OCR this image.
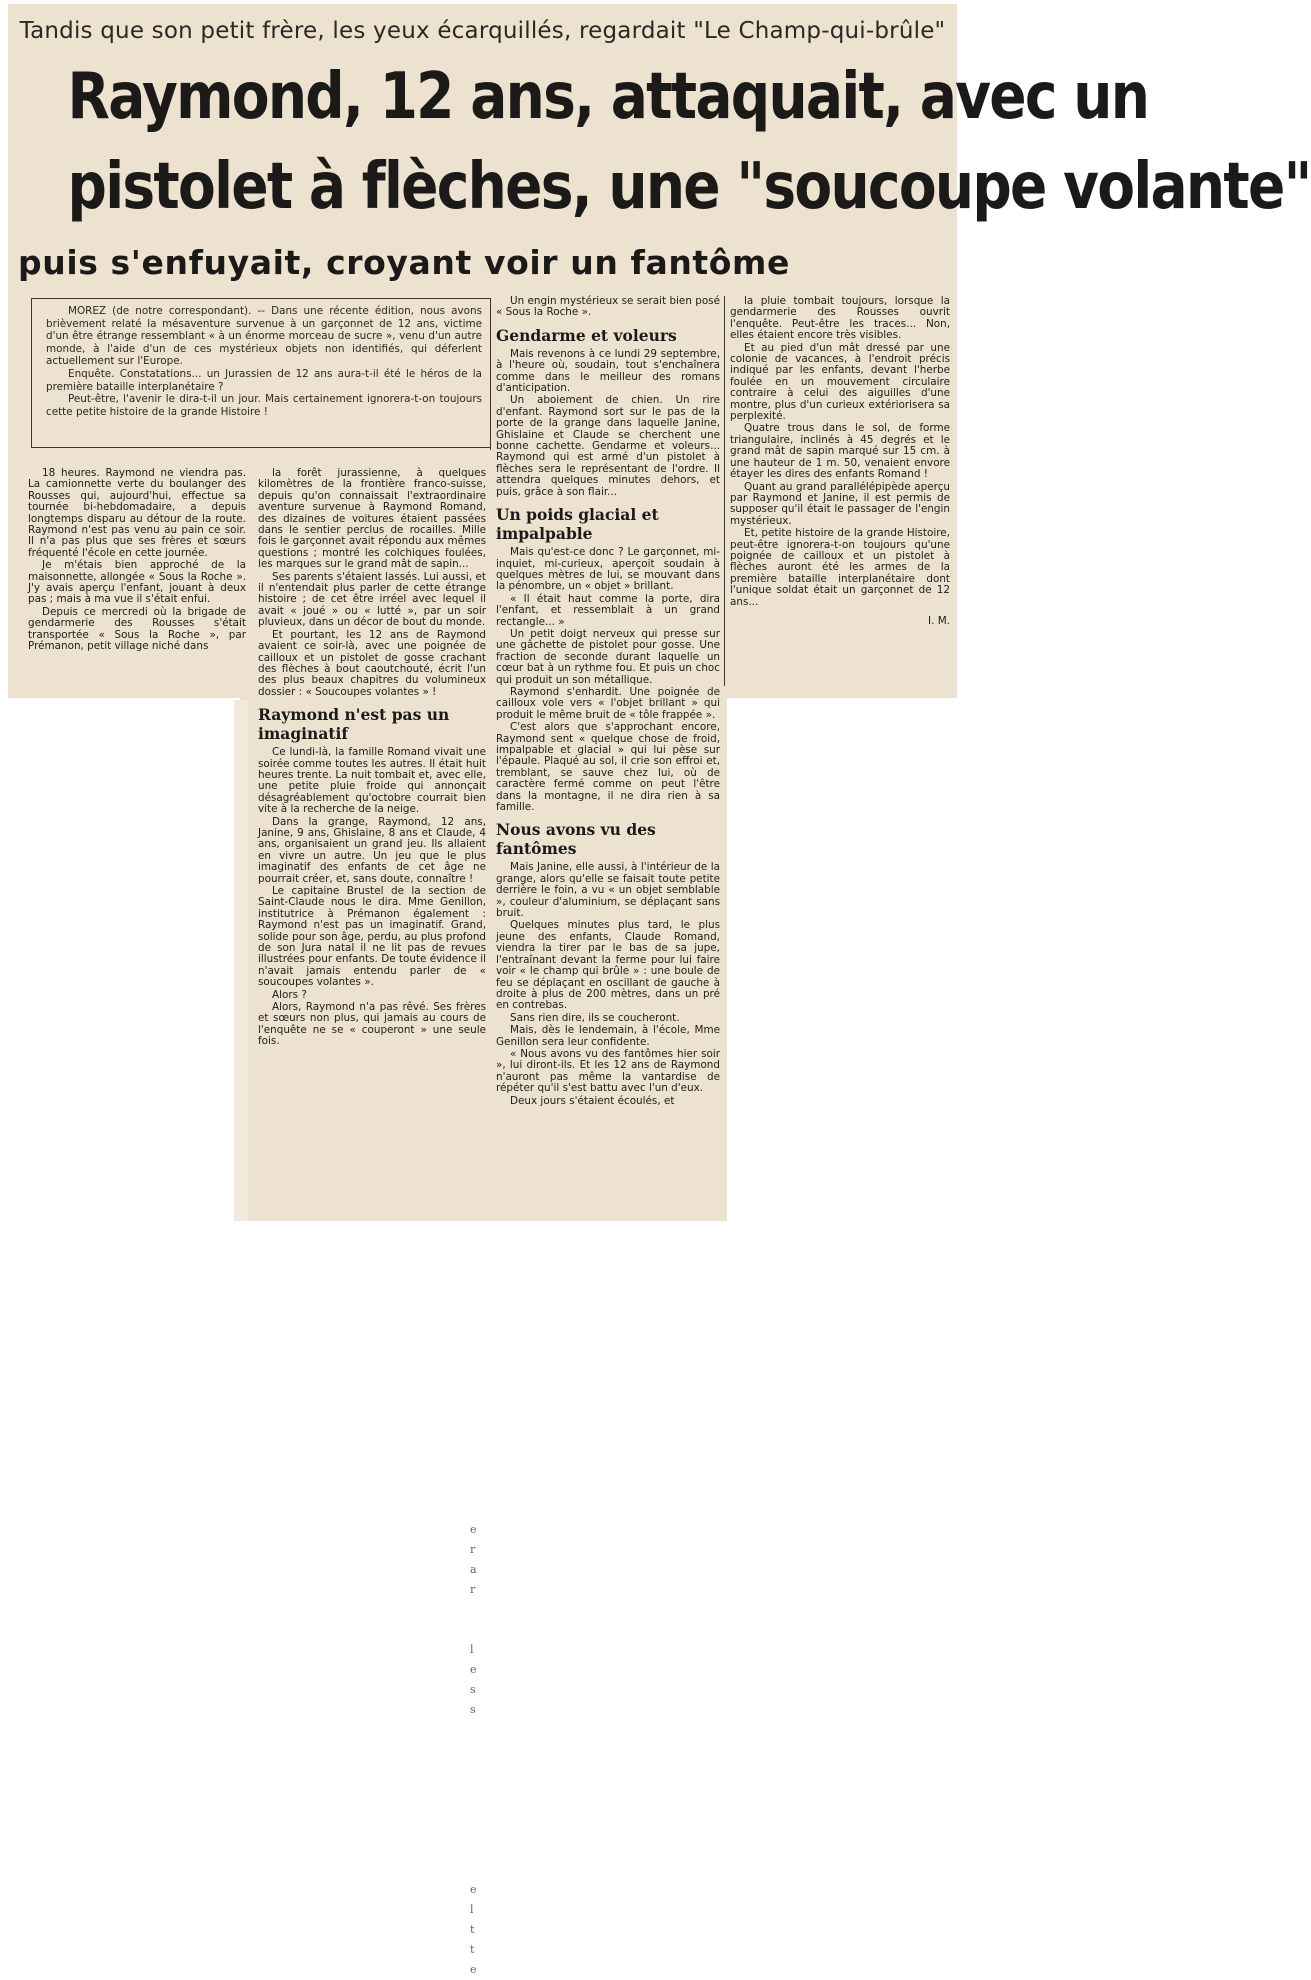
e
r
a
r

l
e
s
s

e
l
t
t
e
Tandis que son petit frère, les yeux écarquillés, regardait "Le Champ-qui-brûle"
Raymond, 12 ans, attaquait, avec un
pistolet à flèches, une "soucoupe volante"
puis s'enfuyait, croyant voir un fantôme

MOREZ (de notre correspondant). -- Dans une récente édition, nous avons brièvement relaté la mésaventure survenue à un garçonnet de 12 ans, victime d'un être étrange ressemblant « à un énorme morceau de sucre », venu d'un autre monde, à l'aide d'un de ces mystérieux objets non identifiés, qui déferlent actuellement sur l'Europe.

Enquête. Constatations... un Jurassien de 12 ans aura-t-il été le héros de la première bataille interplanétaire ?

Peut-être, l'avenir le dira-t-il un jour. Mais certainement ignorera-t-on toujours cette petite histoire de la grande Histoire !

18 heures. Raymond ne viendra pas. La camionnette verte du boulanger des Rousses qui, aujourd'hui, effectue sa tournée bi-hebdomadaire, a depuis longtemps disparu au détour de la route. Raymond n'est pas venu au pain ce soir. Il n'a pas plus que ses frères et sœurs fréquenté l'école en cette journée.

Je m'étais bien approché de la maisonnette, allongée « Sous la Roche ». J'y avais aperçu l'enfant, jouant à deux pas ; mais à ma vue il s'était enfui.

Depuis ce mercredi où la brigade de gendarmerie des Rousses s'était transportée « Sous la Roche », par Prémanon, petit village niché dans

la forêt jurassienne, à quelques kilomètres de la frontière franco-suisse, depuis qu'on connaissait l'extraordinaire aventure survenue à Raymond Romand, des dizaines de voitures étaient passées dans le sentier perclus de rocailles. Mille fois le garçonnet avait répondu aux mêmes questions ; montré les colchiques foulées, les marques sur le grand mât de sapin...

Ses parents s'étaient lassés. Lui aussi, et il n'entendait plus parler de cette étrange histoire ; de cet être irréel avec lequel il avait « joué » ou « lutté », par un soir pluvieux, dans un décor de bout du monde.

Et pourtant, les 12 ans de Raymond avaient ce soir-là, avec une poignée de cailloux et un pistolet de gosse crachant des flèches à bout caoutchouté, écrit l'un des plus beaux chapitres du volumineux dossier : « Soucoupes volantes » !

Raymond n'est pas un imaginatif

Ce lundi-là, la famille Romand vivait une soirée comme toutes les autres. Il était huit heures trente. La nuit tombait et, avec elle, une petite pluie froide qui annonçait désagréablement qu'octobre courrait bien vite à la recherche de la neige.

Dans la grange, Raymond, 12 ans, Janine, 9 ans, Ghislaine, 8 ans et Claude, 4 ans, organisaient un grand jeu. Ils allaient en vivre un autre. Un jeu que le plus imaginatif des enfants de cet âge ne pourrait créer, et, sans doute, connaître !

Le capitaine Brustel de la section de Saint-Claude nous le dira. Mme Genillon, institutrice à Prémanon également : Raymond n'est pas un imaginatif. Grand, solide pour son âge, perdu, au plus profond de son Jura natal il ne lit pas de revues illustrées pour enfants. De toute évidence il n'avait jamais entendu parler de « soucoupes volantes ».

Alors ?

Alors, Raymond n'a pas rêvé. Ses frères et sœurs non plus, qui jamais au cours de l'enquête ne se « couperont » une seule fois.

Un engin mystérieux se serait bien posé « Sous la Roche ».

Gendarme et voleurs

Mais revenons à ce lundi 29 septembre, à l'heure où, soudain, tout s'enchaînera comme dans le meilleur des romans d'anticipation.

Un aboiement de chien. Un rire d'enfant. Raymond sort sur le pas de la porte de la grange dans laquelle Janine, Ghislaine et Claude se cherchent une bonne cachette. Gendarme et voleurs... Raymond qui est armé d'un pistolet à flèches sera le représentant de l'ordre. Il attendra quelques minutes dehors, et puis, grâce à son flair...

Un poids glacial et impalpable

Mais qu'est-ce donc ? Le garçonnet, mi-inquiet, mi-curieux, aperçoit soudain à quelques mètres de lui, se mouvant dans la pénombre, un « objet » brillant.

« Il était haut comme la porte, dira l'enfant, et ressemblait à un grand rectangle... »

Un petit doigt nerveux qui presse sur une gâchette de pistolet pour gosse. Une fraction de seconde durant laquelle un cœur bat à un rythme fou. Et puis un choc qui produit un son métallique.

Raymond s'enhardit. Une poignée de cailloux vole vers « l'objet brillant » qui produit le même bruit de « tôle frappée ».

C'est alors que s'approchant encore, Raymond sent « quelque chose de froid, impalpable et glacial » qui lui pèse sur l'épaule. Plaqué au sol, il crie son effroi et, tremblant, se sauve chez lui, où de caractère fermé comme on peut l'être dans la montagne, il ne dira rien à sa famille.

Nous avons vu des fantômes

Mais Janine, elle aussi, à l'intérieur de la grange, alors qu'elle se faisait toute petite derrière le foin, a vu « un objet semblable », couleur d'aluminium, se déplaçant sans bruit.

Quelques minutes plus tard, le plus jeune des enfants, Claude Romand, viendra la tirer par le bas de sa jupe, l'entraînant devant la ferme pour lui faire voir « le champ qui brûle » : une boule de feu se déplaçant en oscillant de gauche à droite à plus de 200 mètres, dans un pré en contrebas.

Sans rien dire, ils se coucheront.

Mais, dès le lendemain, à l'école, Mme Genillon sera leur confidente.

« Nous avons vu des fantômes hier soir », lui diront-ils. Et les 12 ans de Raymond n'auront pas même la vantardise de répéter qu'il s'est battu avec l'un d'eux.

Deux jours s'étaient écoulés, et

la pluie tombait toujours, lorsque la gendarmerie des Rousses ouvrit l'enquête. Peut-être les traces... Non, elles étaient encore très visibles.

Et au pied d'un mât dressé par une colonie de vacances, à l'endroit précis indiqué par les enfants, devant l'herbe foulée en un mouvement circulaire contraire à celui des aiguilles d'une montre, plus d'un curieux extériorisera sa perplexité.

Quatre trous dans le sol, de forme triangulaire, inclinés à 45 degrés et le grand mât de sapin marqué sur 15 cm. à une hauteur de 1 m. 50, venaient envore étayer les dires des enfants Romand !

Quant au grand parallélépipède aperçu par Raymond et Janine, il est permis de supposer qu'il était le passager de l'engin mystérieux.

Et, petite histoire de la grande Histoire, peut-être ignorera-t-on toujours qu'une poignée de cailloux et un pistolet à flèches auront été les armes de la première bataille interplanétaire dont l'unique soldat était un garçonnet de 12 ans...

I. M.
